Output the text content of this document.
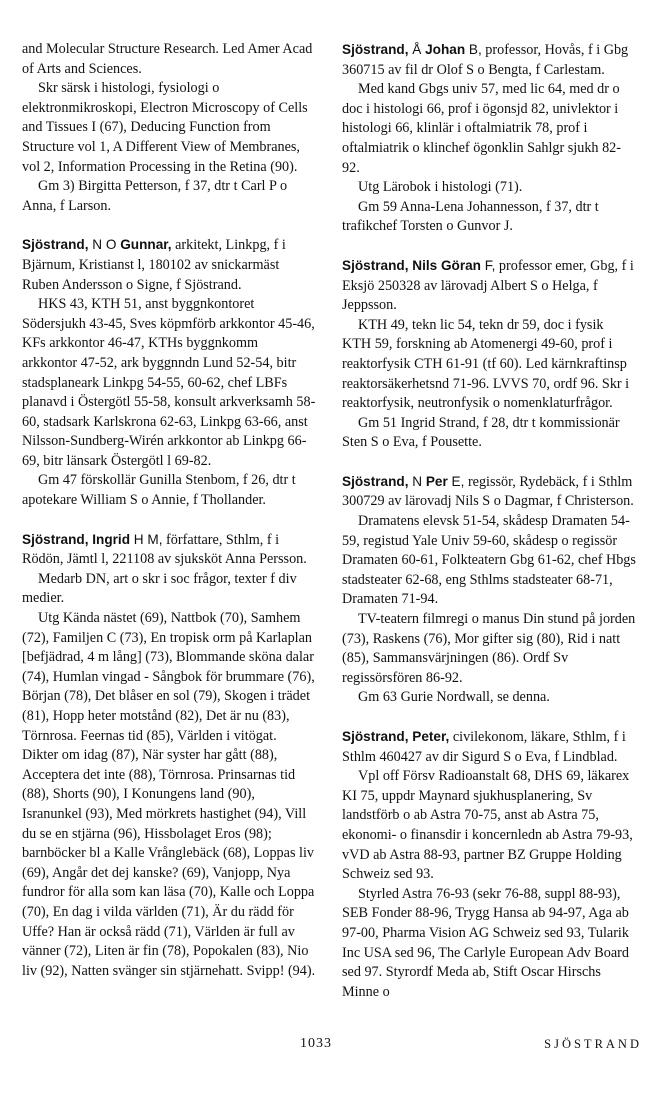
and Molecular Structure Research. Led Amer Acad of Arts and Sciences.

Skr särsk i histologi, fysiologi o elektronmikroskopi, Electron Microscopy of Cells and Tissues I (67), Deducing Function from Structure vol 1, A Different View of Membranes, vol 2, Information Processing in the Retina (90).

Gm 3) Birgitta Petterson, f 37, dtr t Carl P o Anna, f Larson.

Sjöstrand, N O Gunnar, arkitekt, Linkpg, f i Bjärnum, Kristianst l, 180102 av snickarmäst Ruben Andersson o Signe, f Sjöstrand.

HKS 43, KTH 51, anst byggnkontoret Södersjukh 43-45, Sves köpmförb arkkontor 45-46, KFs arkkontor 46-47, KTHs byggnkomm arkkontor 47-52, ark byggnndn Lund 52-54, bitr stadsplaneark Linkpg 54-55, 60-62, chef LBFs planavd i Östergötl 55-58, konsult arkverksamh 58-60, stadsark Karlskrona 62-63, Linkpg 63-66, anst Nilsson-Sundberg-Wirén arkkontor ab Linkpg 66-69, bitr länsark Östergötl l 69-82.

Gm 47 förskollär Gunilla Stenbom, f 26, dtr t apotekare William S o Annie, f Thollander.

Sjöstrand, Ingrid H M, författare, Sthlm, f i Rödön, Jämtl l, 221108 av sjuksköt Anna Persson.

Medarb DN, art o skr i soc frågor, texter f div medier.

Utg Kända nästet (69), Nattbok (70), Samhem (72), Familjen C (73), En tropisk orm på Karlaplan [befjädrad, 4 m lång] (73), Blommande sköna dalar (74), Humlan vingad - Sångbok för brummare (76), Början (78), Det blåser en sol (79), Skogen i trädet (81), Hopp heter motstånd (82), Det är nu (83), Törnrosa. Feernas tid (85), Världen i vitögat. Dikter om idag (87), När syster har gått (88), Acceptera det inte (88), Törnrosa. Prinsarnas tid (88), Shorts (90), I Konungens land (90), Isranunkel (93), Med mörkrets hastighet (94), Vill du se en stjärna (96), Hissbolaget Eros (98); barnböcker bl a Kalle Vrånglebäck (68), Loppas liv (69), Angår det dej kanske? (69), Vanjopp, Nya fundror för alla som kan läsa (70), Kalle och Loppa (70), En dag i vilda världen (71), Är du rädd för Uffe? Han är också rädd (71), Världen är full av vänner (72), Liten är fin (78), Popokalen (83), Nio liv (92), Natten svänger sin stjärnehatt. Svipp! (94).

Sjöstrand, Å Johan B, professor, Hovås, f i Gbg 360715 av fil dr Olof S o Bengta, f Carlestam.

Med kand Gbgs univ 57, med lic 64, med dr o doc i histologi 66, prof i ögonsjd 82, univlektor i histologi 66, klinlär i oftalmiatrik 78, prof i oftalmiatrik o klinchef ögonklin Sahlgr sjukh 82-92.

Utg Lärobok i histologi (71).

Gm 59 Anna-Lena Johannesson, f 37, dtr t trafikchef Torsten o Gunvor J.

Sjöstrand, Nils Göran F, professor emer, Gbg, f i Eksjö 250328 av lärovadj Albert S o Helga, f Jeppsson.

KTH 49, tekn lic 54, tekn dr 59, doc i fysik KTH 59, forskning ab Atomenergi 49-60, prof i reaktorfysik CTH 61-91 (tf 60). Led kärnkraftinsp reaktorsäkerhetsnd 71-96. LVVS 70, ordf 96. Skr i reaktorfysik, neutronfysik o nomenklaturfrågor.

Gm 51 Ingrid Strand, f 28, dtr t kommissionär Sten S o Eva, f Pousette.

Sjöstrand, N Per E, regissör, Rydebäck, f i Sthlm 300729 av lärovadj Nils S o Dagmar, f Christerson.

Dramatens elevsk 51-54, skådesp Dramaten 54-59, registud Yale Univ 59-60, skådesp o regissör Dramaten 60-61, Folkteatern Gbg 61-62, chef Hbgs stadsteater 62-68, eng Sthlms stadsteater 68-71, Dramaten 71-94.

TV-teatern filmregi o manus Din stund på jorden (73), Raskens (76), Mor gifter sig (80), Rid i natt (85), Sammansvärjningen (86). Ordf Sv regissörsfören 86-92.

Gm 63 Gurie Nordwall, se denna.

Sjöstrand, Peter, civilekonom, läkare, Sthlm, f i Sthlm 460427 av dir Sigurd S o Eva, f Lindblad.

Vpl off Försv Radioanstalt 68, DHS 69, läkarex KI 75, uppdr Maynard sjukhusplanering, Sv landstförb o ab Astra 70-75, anst ab Astra 75, ekonomi- o finansdir i koncernledn ab Astra 79-93, vVD ab Astra 88-93, partner BZ Gruppe Holding Schweiz sed 93.

Styrled Astra 76-93 (sekr 76-88, suppl 88-93), SEB Fonder 88-96, Trygg Hansa ab 94-97, Aga ab 97-00, Pharma Vision AG Schweiz sed 93, Tularik Inc USA sed 96, The Carlyle European Adv Board sed 97. Styrordf Meda ab, Stift Oscar Hirschs Minne o

1033	SJÖSTRAND
